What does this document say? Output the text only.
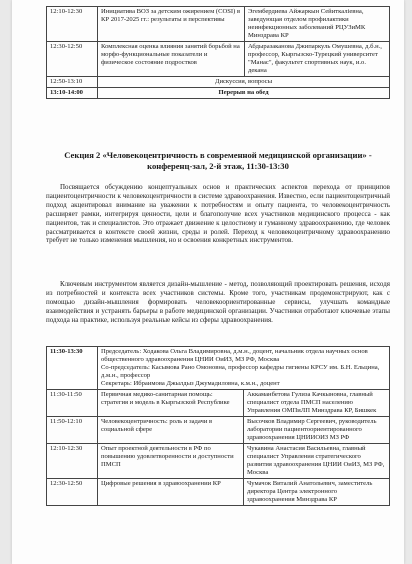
12:10-12:30	Инициатива ВОЗ за детским ожирением (COSI) в КР 2017-2025 гг.: результаты и перспективы	Эгембердиева Айжаркын Сейиткаліевна, заведующая отделом профилактики неинфекционных заболеваний РЦУЗиМК Минздрава КР
12:30-12:50	Комплексная оценка влияния занятий борьбой на морфо-функциональные показатели и физическое состояние подростков	Абдыразаканова Джипаркуль Омушевна, д.б.н., профессор, Кыргызско-Турецкий университет "Манас", факультет спортивных наук, и.о. декана
12:50-13:10	Дискуссия, вопросы	
13:10-14:00	Перерыв на обед	
Секция 2 «Человекоцентричность в современной медицинской организации» - конференц-зал, 2-й этаж, 11:30-13:30

Посвящается обсуждению концептуальных основ и практических аспектов перехода от принципов пациентоцентричности к человекоцентричности в системе здравоохранения. Известно, если пациентоцентричный подход акцентировал внимание на уважении к потребностям и опыту пациента, то человекоцентричность расширяет рамки, интегрируя ценности, цели и благополучие всех участников медицинского процесса - как пациентов, так и специалистов. Это отражает движение к целостному и гуманному здравоохранению, где человек рассматривается в контексте своей жизни, среды и ролей. Переход к человекоцентричному здравоохранению требует не только изменения мышления, но и освоения конкретных инструментов.

Ключевым инструментом является дизайн-мышление - метод, позволяющий проектировать решения, исходя из потребностей и контекста всех участников системы. Кроме того, участникам продемонстрируют, как с помощью дизайн-мышления формировать человекоориентированные сервисы, улучшать командные взаимодействия и устранять барьеры в работе медицинской организации. Участники отработают ключевые этапы подхода на практике, используя реальные кейсы из сферы здравоохранения.

11:30-13:30	Председатель: Ходакова Ольга Владимировна, д.м.н., доцент, начальник отдела научных основ общественного здравоохранения ЦНИИ ОиИЗ, МЗ РФ, Москва
Со-председатель: Касымова Рано Омоновна, профессор кафедры гигиены КРСУ им. Б.Н. Ельцина, д.м.н., профессор
Секретарь: Ибраимова Джылдыз Джумадиловна, к.м.н., доцент	

11:30-11:50	Первичная медико-санитарная помощь: стратегия и модель в Кыргызской Республике	Аккаманбетова Гулиза Качкыновна, главный специалист отдела ПМСП населению Управления ОМПиЛП Минздрава КР, Бишкек
11:50-12:10	Человекоцентричность: роль и задачи в социальной сфере	Высочков Владимир Сергеевич, руководитель лаборатории пациентоориентированного здравоохранения ЦНИИОИЗ МЗ РФ
12:10-12:30	Опыт проектной деятельности в РФ по повышению удовлетворенности и доступности ПМСП	Чукавина Анастасия Васильевна, главный специалист Управления стратегического развития здравоохранения ЦНИИ ОиИЗ, МЗ РФ, Москва
12:30-12:50	Цифровые решения в здравоохранении КР	Чумачок Виталий Анатольевич, заместитель директора Центра электронного здравоохранения Минздрава КР
